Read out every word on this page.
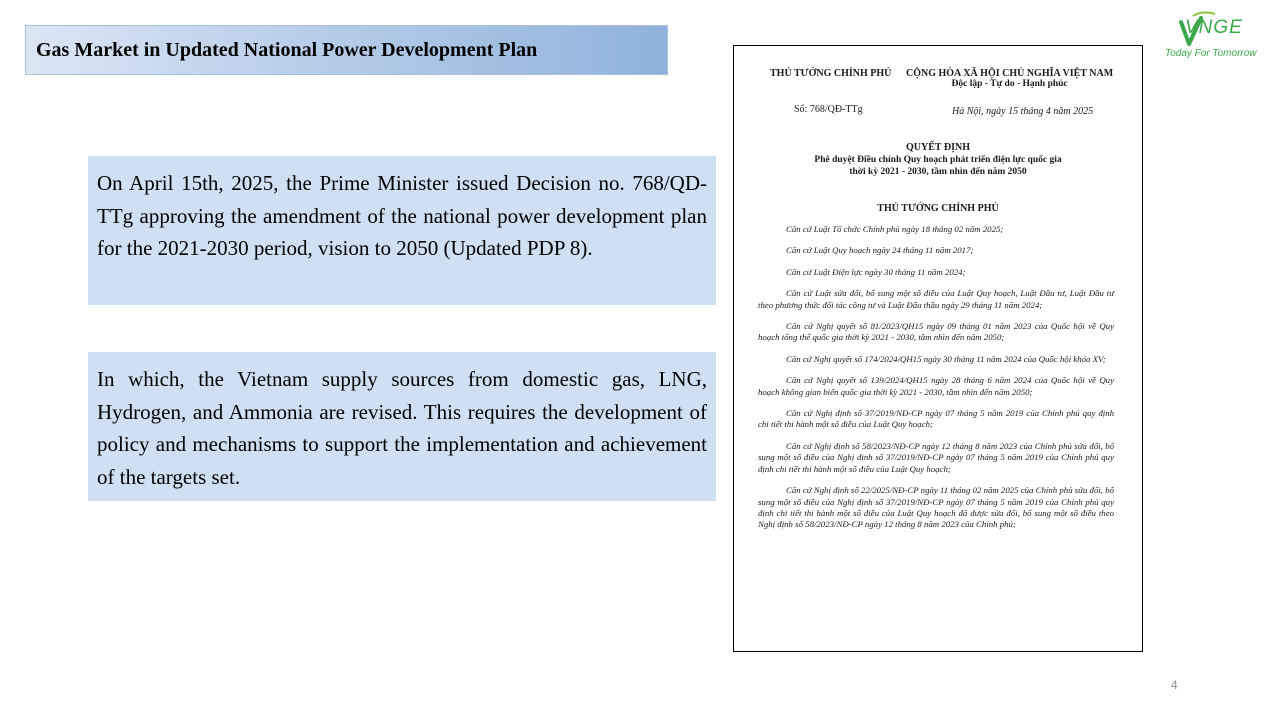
Gas Market in Updated National Power Development Plan
VNGE
Today For Tomorrow
On April 15th, 2025, the Prime Minister issued Decision no. 768/QD-TTg approving the amendment of the national power development plan for the 2021-2030 period, vision to 2050 (Updated PDP 8).
In which, the Vietnam supply sources from domestic gas, LNG, Hydrogen, and Ammonia are revised. This requires the development of policy and mechanisms to support the implementation and achievement of the targets set.
THỦ TƯỚNG CHÍNH PHỦ CỘNG HÒA XÃ HỘI CHỦ NGHĨA VIỆT NAM
Độc lập - Tự do - Hạnh phúc
Số: 768/QĐ-TTg	Hà Nội, ngày 15 tháng 4 năm 2025
QUYẾT ĐỊNH
Phê duyệt Điều chỉnh Quy hoạch phát triển điện lực quốc gia
thời kỳ 2021 - 2030, tầm nhìn đến năm 2050
THỦ TƯỚNG CHÍNH PHỦ

Căn cứ Luật Tổ chức Chính phủ ngày 18 tháng 02 năm 2025;

Căn cứ Luật Quy hoạch ngày 24 tháng 11 năm 2017;

Căn cứ Luật Điện lực ngày 30 tháng 11 năm 2024;

Căn cứ Luật sửa đổi, bổ sung một số điều của Luật Quy hoạch, Luật Đầu tư, Luật Đầu tư theo phương thức đối tác công tư và Luật Đấu thầu ngày 29 tháng 11 năm 2024;

Căn cứ Nghị quyết số 81/2023/QH15 ngày 09 tháng 01 năm 2023 của Quốc hội về Quy hoạch tổng thể quốc gia thời kỳ 2021 - 2030, tầm nhìn đến năm 2050;

Căn cứ Nghị quyết số 174/2024/QH15 ngày 30 tháng 11 năm 2024 của Quốc hội khóa XV;

Căn cứ Nghị quyết số 139/2024/QH15 ngày 28 tháng 6 năm 2024 của Quốc hội về Quy hoạch không gian biển quốc gia thời kỳ 2021 - 2030, tầm nhìn đến năm 2050;

Căn cứ Nghị định số 37/2019/NĐ-CP ngày 07 tháng 5 năm 2019 của Chính phủ quy định chi tiết thi hành một số điều của Luật Quy hoạch;

Căn cứ Nghị định số 58/2023/NĐ-CP ngày 12 tháng 8 năm 2023 của Chính phủ sửa đổi, bổ sung một số điều của Nghị định số 37/2019/NĐ-CP ngày 07 tháng 5 năm 2019 của Chính phủ quy định chi tiết thi hành một số điều của Luật Quy hoạch;

Căn cứ Nghị định số 22/2025/NĐ-CP ngày 11 tháng 02 năm 2025 của Chính phủ sửa đổi, bổ sung một số điều của Nghị định số 37/2019/NĐ-CP ngày 07 tháng 5 năm 2019 của Chính phủ quy định chi tiết thi hành một số điều của Luật Quy hoạch đã được sửa đổi, bổ sung một số điều theo Nghị định số 58/2023/NĐ-CP ngày 12 tháng 8 năm 2023 của Chính phủ;

4
